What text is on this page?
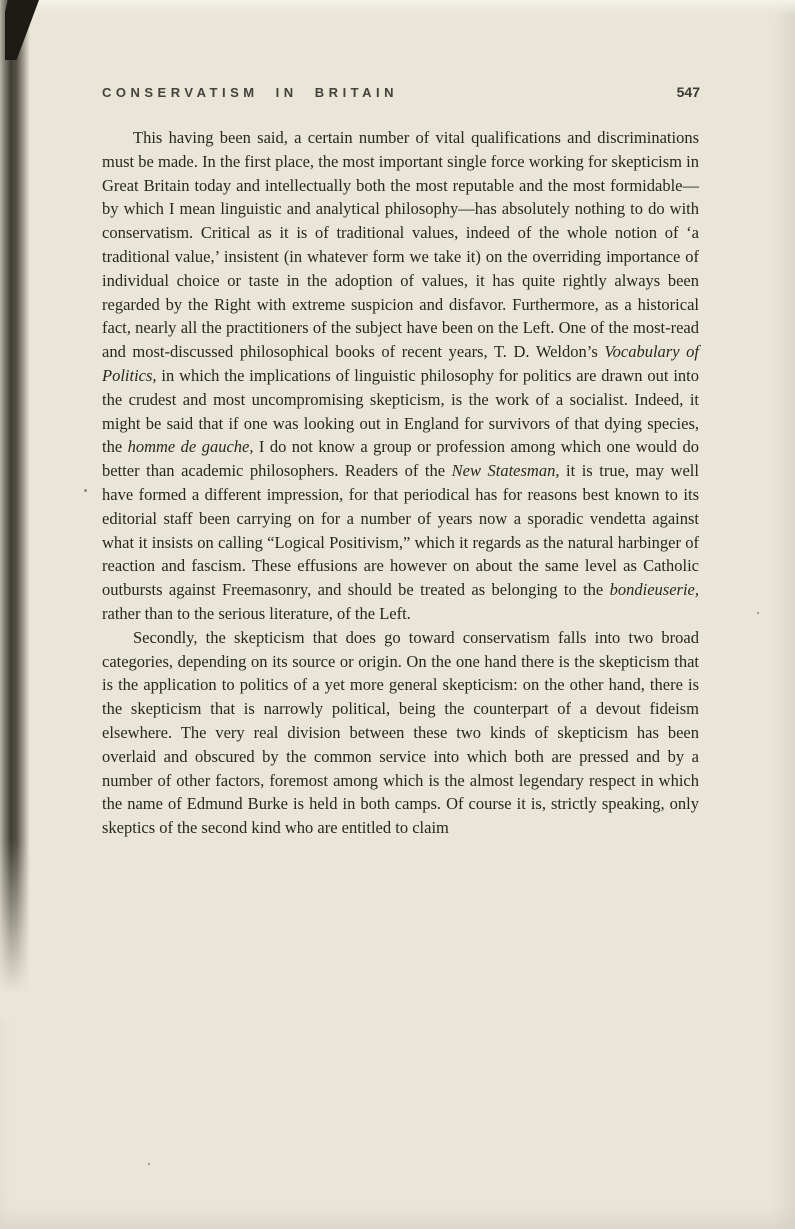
CONSERVATISM IN BRITAIN	547

This having been said, a certain number of vital qualifications and discriminations must be made. In the first place, the most important single force working for skepticism in Great Britain today and intellectually both the most reputable and the most formidable—by which I mean linguistic and analytical philosophy—has absolutely nothing to do with conservatism. Critical as it is of traditional values, indeed of the whole notion of ‘a traditional value,’ insistent (in whatever form we take it) on the overriding importance of individual choice or taste in the adoption of values, it has quite rightly always been regarded by the Right with extreme suspicion and disfavor. Furthermore, as a historical fact, nearly all the practitioners of the subject have been on the Left. One of the most-read and most-discussed philosophical books of recent years, T. D. Weldon’s Vocabulary of Politics, in which the implications of linguistic philosophy for politics are drawn out into the crudest and most uncompromising skepticism, is the work of a socialist. Indeed, it might be said that if one was looking out in England for survivors of that dying species, the homme de gauche, I do not know a group or profession among which one would do better than academic philosophers. Readers of the New Statesman, it is true, may well have formed a different impression, for that periodical has for reasons best known to its editorial staff been carrying on for a number of years now a sporadic vendetta against what it insists on calling “Logical Positivism,” which it regards as the natural harbinger of reaction and fascism. These effusions are however on about the same level as Catholic outbursts against Freemasonry, and should be treated as belonging to the bondieuserie, rather than to the serious literature, of the Left.

Secondly, the skepticism that does go toward conservatism falls into two broad categories, depending on its source or origin. On the one hand there is the skepticism that is the application to politics of a yet more general skepticism: on the other hand, there is the skepticism that is narrowly political, being the counterpart of a devout fideism elsewhere. The very real division between these two kinds of skepticism has been overlaid and obscured by the common service into which both are pressed and by a number of other factors, foremost among which is the almost legendary respect in which the name of Edmund Burke is held in both camps. Of course it is, strictly speaking, only skeptics of the second kind who are entitled to claim
